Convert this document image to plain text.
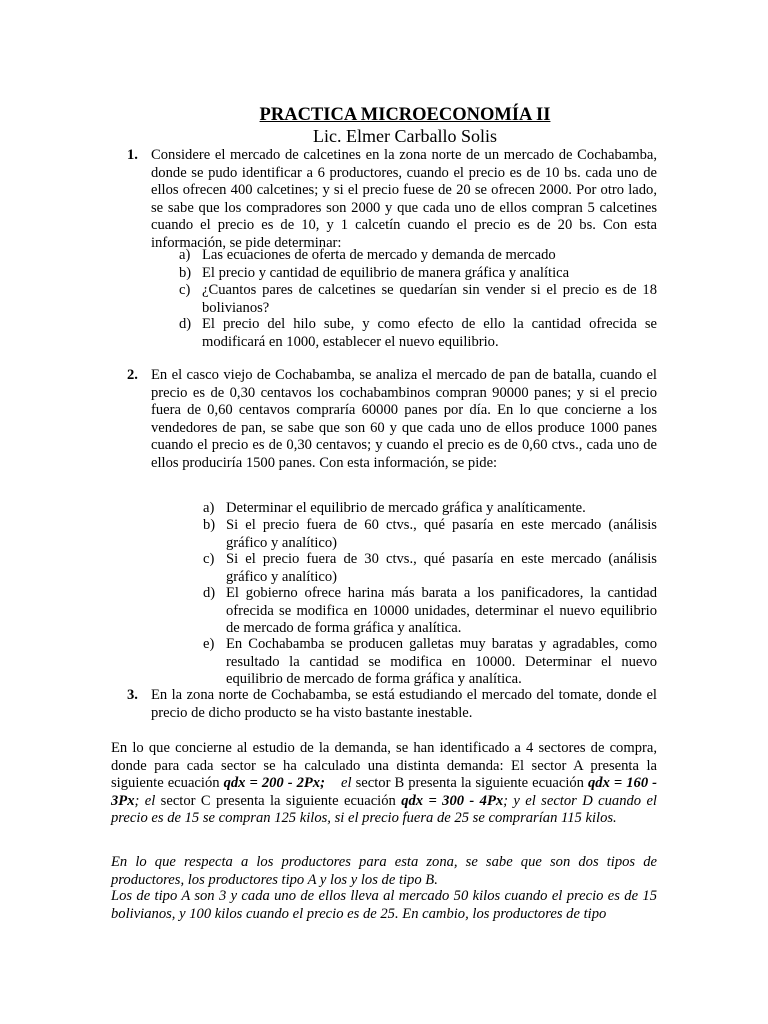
PRACTICA MICROECONOMÍA II
Lic. Elmer Carballo Solis
1. Considere el mercado de calcetines en la zona norte de un mercado de Cochabamba, donde se pudo identificar a 6 productores, cuando el precio es de 10 bs. cada uno de ellos ofrecen 400 calcetines; y si el precio fuese de 20 se ofrecen 2000. Por otro lado, se sabe que los compradores son 2000 y que cada uno de ellos compran 5 calcetines cuando el precio es de 10, y 1 calcetín cuando el precio es de 20 bs. Con esta información, se pide determinar:
a) Las ecuaciones de oferta de mercado y demanda de mercado
b) El precio y cantidad de equilibrio de manera gráfica y analítica
c) ¿Cuantos pares de calcetines se quedarían sin vender si el precio es de 18 bolivianos?
d) El precio del hilo sube, y como efecto de ello la cantidad ofrecida se modificará en 1000, establecer el nuevo equilibrio.
2. En el casco viejo de Cochabamba, se analiza el mercado de pan de batalla, cuando el precio es de 0,30 centavos los cochabambinos compran 90000 panes; y si el precio fuera de 0,60 centavos compraría 60000 panes por día. En lo que concierne a los vendedores de pan, se sabe que son 60 y que cada uno de ellos produce 1000 panes cuando el precio es de 0,30 centavos; y cuando el precio es de 0,60 ctvs., cada uno de ellos produciría 1500 panes. Con esta información, se pide:
a) Determinar el equilibrio de mercado gráfica y analíticamente.
b) Si el precio fuera de 60 ctvs., qué pasaría en este mercado (análisis gráfico y analítico)
c) Si el precio fuera de 30 ctvs., qué pasaría en este mercado (análisis gráfico y analítico)
d) El gobierno ofrece harina más barata a los panificadores, la cantidad ofrecida se modifica en 10000 unidades, determinar el nuevo equilibrio de mercado de forma gráfica y analítica.
e) En Cochabamba se producen galletas muy baratas y agradables, como resultado la cantidad se modifica en 10000. Determinar el nuevo equilibrio de mercado de forma gráfica y analítica.
3. En la zona norte de Cochabamba, se está estudiando el mercado del tomate, donde el precio de dicho producto se ha visto bastante inestable.
En lo que concierne al estudio de la demanda, se han identificado a 4 sectores de compra, donde para cada sector se ha calculado una distinta demanda: El sector A presenta la siguiente ecuación qdx = 200 - 2Px; el sector B presenta la siguiente ecuación qdx = 160 - 3Px; el sector C presenta la siguiente ecuación qdx = 300 - 4Px; y el sector D cuando el precio es de 15 se compran 125 kilos, si el precio fuera de 25 se comprarían 115 kilos.
En lo que respecta a los productores para esta zona, se sabe que son dos tipos de productores, los productores tipo A y los y los de tipo B.
Los de tipo A son 3 y cada uno de ellos lleva al mercado 50 kilos cuando el precio es de 15 bolivianos, y 100 kilos cuando el precio es de 25. En cambio, los productores de tipo
